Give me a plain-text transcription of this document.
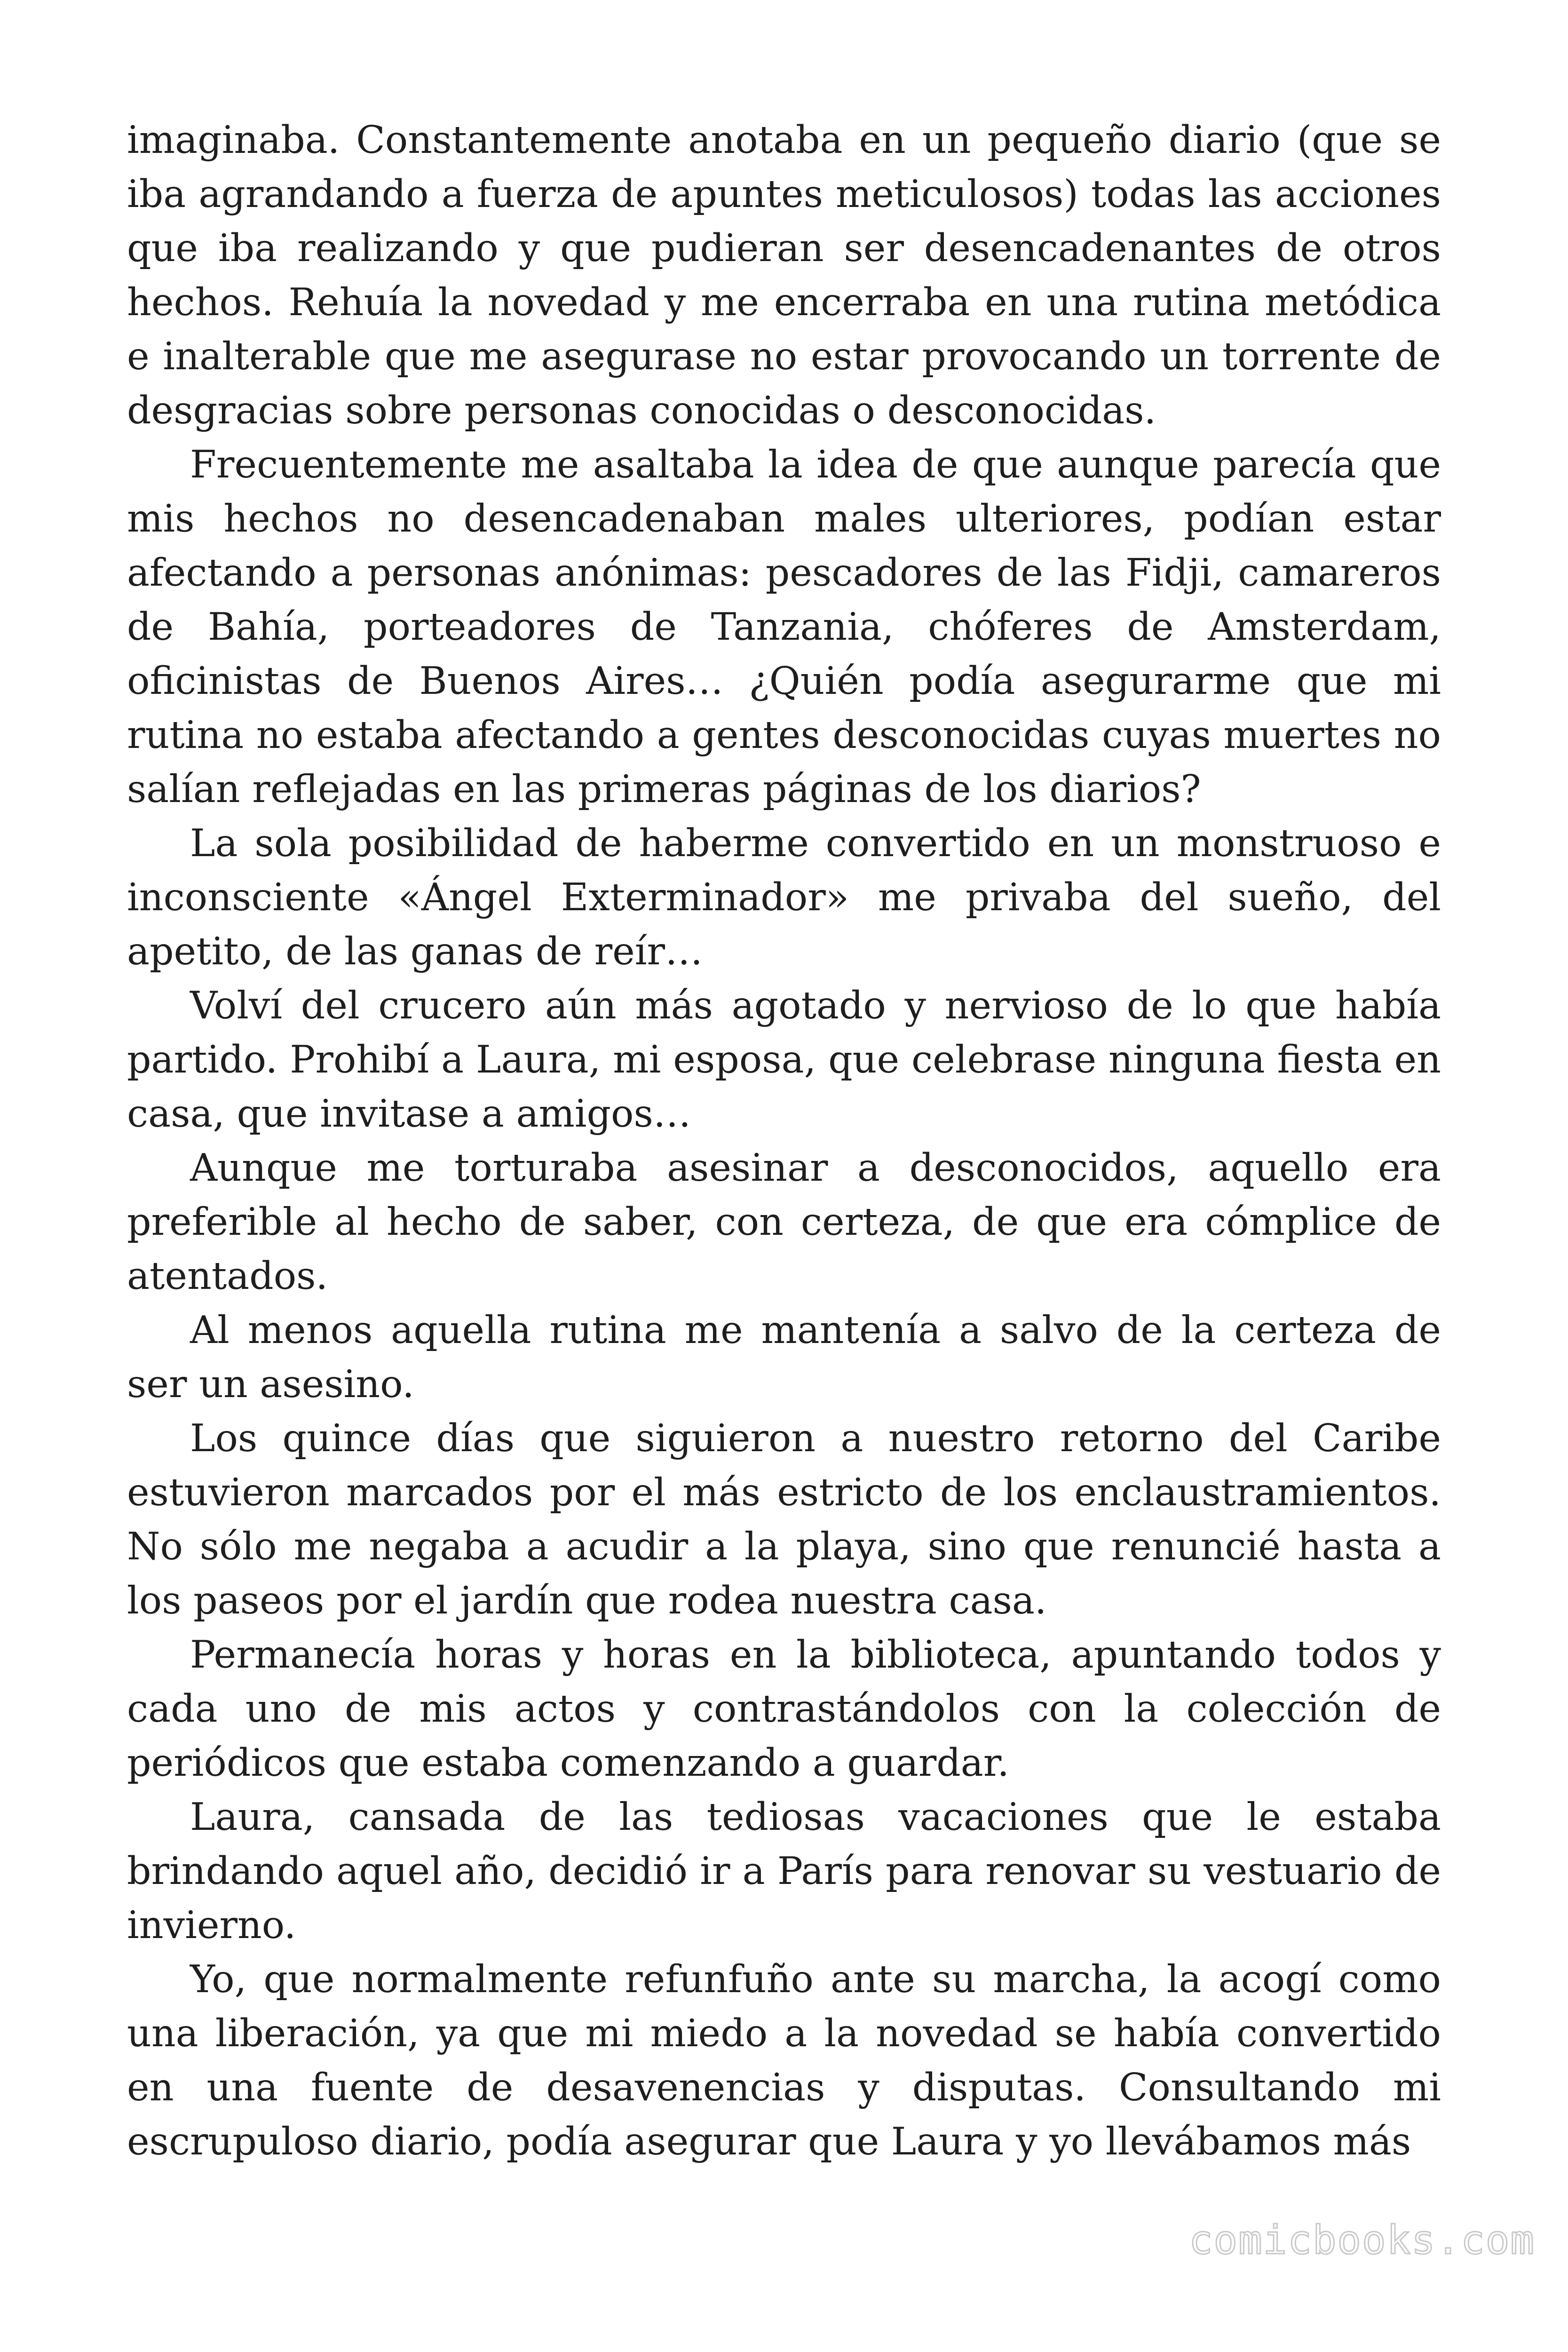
imaginaba. Constantemente anotaba en un pequeño diario (que se iba agrandando a fuerza de apuntes meticulosos) todas las acciones que iba realizando y que pudieran ser desencadenantes de otros hechos. Rehuía la novedad y me encerraba en una rutina metódica e inalterable que me asegurase no estar provocando un torrente de desgracias sobre personas conocidas o desconocidas.

Frecuentemente me asaltaba la idea de que aunque parecía que mis hechos no desencadenaban males ulteriores, podían estar afectando a personas anónimas: pescadores de las Fidji, camareros de Bahía, porteadores de Tanzania, chóferes de Amsterdam, oficinistas de Buenos Aires… ¿Quién podía asegurarme que mi rutina no estaba afectando a gentes desconocidas cuyas muertes no salían reflejadas en las primeras páginas de los diarios?

La sola posibilidad de haberme convertido en un monstruoso e inconsciente «Ángel Exterminador» me privaba del sueño, del apetito, de las ganas de reír…

Volví del crucero aún más agotado y nervioso de lo que había partido. Prohibí a Laura, mi esposa, que celebrase ninguna fiesta en casa, que invitase a amigos…

Aunque me torturaba asesinar a desconocidos, aquello era preferible al hecho de saber, con certeza, de que era cómplice de atentados.

Al menos aquella rutina me mantenía a salvo de la certeza de ser un asesino.

Los quince días que siguieron a nuestro retorno del Caribe estuvieron marcados por el más estricto de los enclaustramientos. No sólo me negaba a acudir a la playa, sino que renuncié hasta a los paseos por el jardín que rodea nuestra casa.

Permanecía horas y horas en la biblioteca, apuntando todos y cada uno de mis actos y contrastándolos con la colección de periódicos que estaba comenzando a guardar.

Laura, cansada de las tediosas vacaciones que le estaba brindando aquel año, decidió ir a París para renovar su vestuario de invierno.

Yo, que normalmente refunfuño ante su marcha, la acogí como una liberación, ya que mi miedo a la novedad se había convertido en una fuente de desavenencias y disputas. Consultando mi escrupuloso diario, podía asegurar que Laura y yo llevábamos más

comicbooks.com
